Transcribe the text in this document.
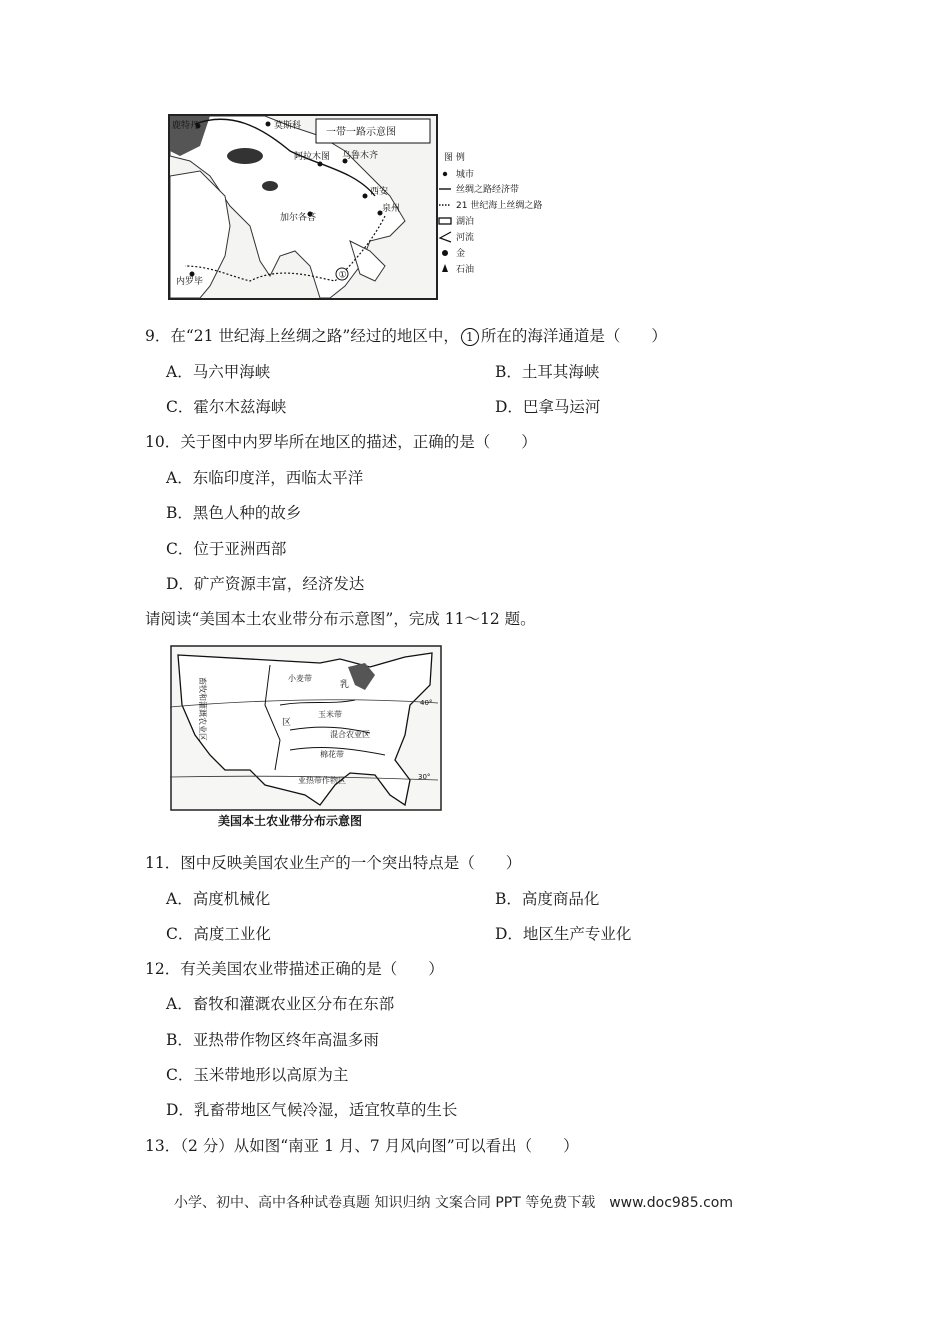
鹿特丹	莫斯科
阿拉木图 乌鲁木齐
西安
泉州
加尔各答
内罗毕
①
一带一路示意图
图 例
城市
丝绸之路经济带
21 世纪海上丝绸之路
湖泊
河流
金
石油
9．在“21 世纪海上丝绸之路”经过的地区中， 1 所在的海洋通道是（　　）
A．马六甲海峡	B．土耳其海峡
C．霍尔木兹海峡	D．巴拿马运河
10．关于图中内罗毕所在地区的描述，正确的是（　　）
A．东临印度洋，西临太平洋
B．黑色人种的故乡
C．位于亚洲西部
D．矿产资源丰富，经济发达
请阅读“美国本土农业带分布示意图”，完成 11～12 题。
畜牧和灌溉农业区	小麦带
乳
玉米带
区
混合农业区
棉花带
亚热带作物区
40°
30°
美国本土农业带分布示意图
11．图中反映美国农业生产的一个突出特点是（　　）
A．高度机械化	B．高度商品化
C．高度工业化	D．地区生产专业化
12．有关美国农业带描述正确的是（　　）
A．畜牧和灌溉农业区分布在东部
B．亚热带作物区终年高温多雨
C．玉米带地形以高原为主
D．乳畜带地区气候冷湿，适宜牧草的生长
13．（2 分）从如图“南亚 1 月、7 月风向图”可以看出（　　）
小学、初中、高中各种试卷真题 知识归纳 文案合同 PPT 等免费下载　www.doc985.com
